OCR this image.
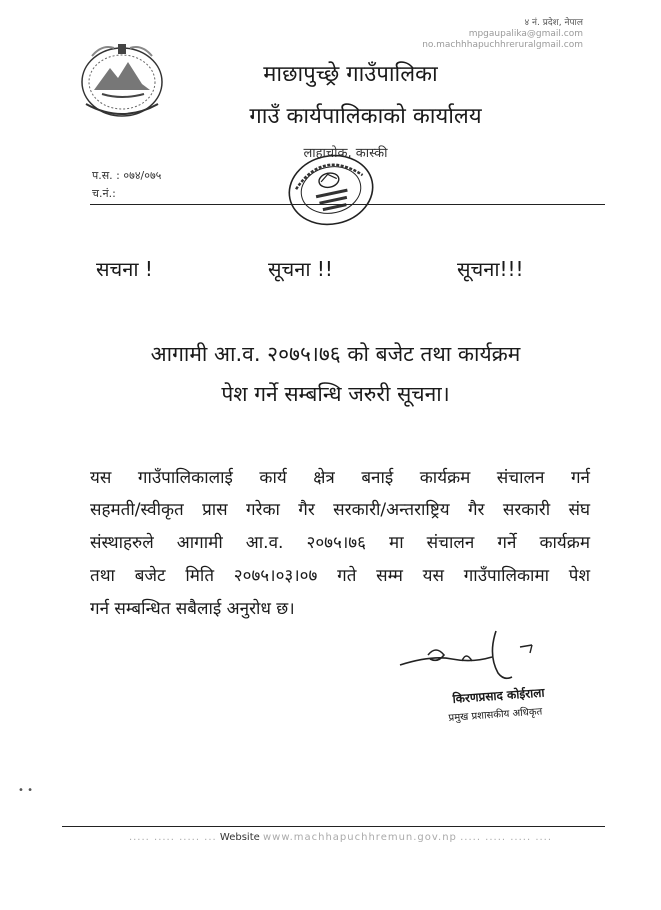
४ नं. प्रदेश, नेपाल
mpgaupalika@gmail.com
no.machhhapuchhreruralgmail.com
माछापुच्छ्रे गाउँपालिका
गाउँ कार्यपालिकाको कार्यालय
लाहाचोक, कास्की
प.स. : ०७४/०७५
च.नं.:
सचना !	सूचना !!	सूचना!!!
आगामी आ.व. २०७५।७६ को बजेट तथा कार्यक्रम
पेश गर्ने सम्बन्धि जरुरी सूचना।
यस गाउँपालिकालाई कार्य क्षेत्र बनाई कार्यक्रम संचालन गर्न
सहमती/स्वीकृत प्रास गरेका गैर सरकारी/अन्तराष्ट्रिय गैर सरकारी संघ
संस्थाहरुले आगामी आ.व. २०७५।७६ मा संचालन गर्ने कार्यक्रम
तथा बजेट मिति २०७५।०३।०७ गते सम्म यस गाउँपालिकामा पेश
गर्न सम्बन्धित सबैलाई अनुरोध छ।
किरणप्रसाद कोईराला
प्रमुख प्रशासकीय अधिकृत
• •
..... ..... ..... ... Website www.machhapuchhremun.gov.np ..... ..... ..... ....
